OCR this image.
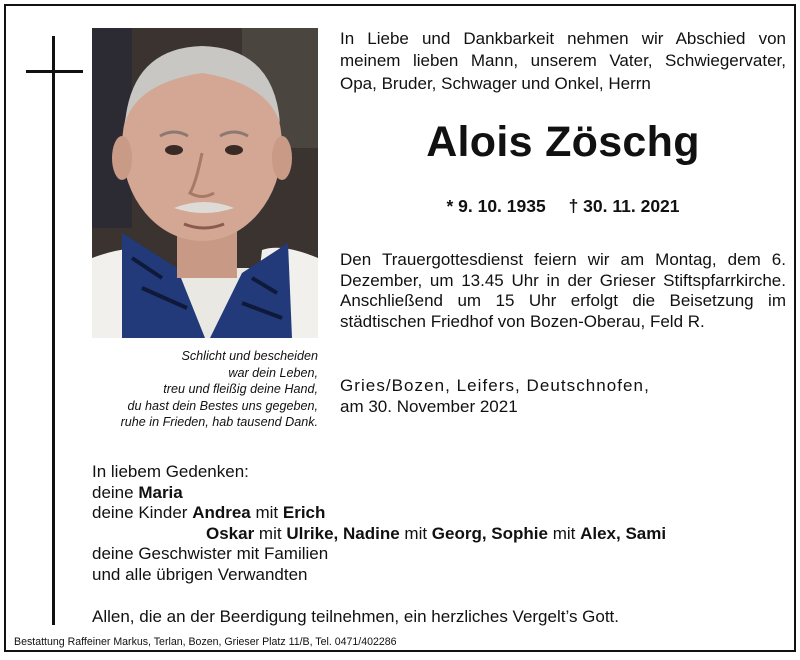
Schlicht und bescheiden
war dein Leben,
treu und fleißig deine Hand,
du hast dein Bestes uns gegeben,
ruhe in Frieden, hab tausend Dank.
In Liebe und Dankbarkeit nehmen wir Abschied von meinem lieben Mann, unserem Vater, Schwiegervater, Opa, Bruder, Schwager und Onkel, Herrn
Alois Zöschg
* 9. 10. 1935 † 30. 11. 2021
Den Trauergottesdienst feiern wir am Montag, dem 6. Dezember, um 13.45 Uhr in der Grieser Stiftspfarrkirche. Anschließend um 15 Uhr erfolgt die Beisetzung im städtischen Friedhof von Bozen-Oberau, Feld R.
Gries/Bozen, Leifers, Deutschnofen,
am 30. November 2021
In liebem Gedenken:
deine Maria
deine Kinder Andrea mit Erich
Oskar mit Ulrike, Nadine mit Georg, Sophie mit Alex, Sami
deine Geschwister mit Familien
und alle übrigen Verwandten
Allen, die an der Beerdigung teilnehmen, ein herzliches Vergelt’s Gott.
Bestattung Raffeiner Markus, Terlan, Bozen, Grieser Platz 11/B, Tel. 0471/402286
